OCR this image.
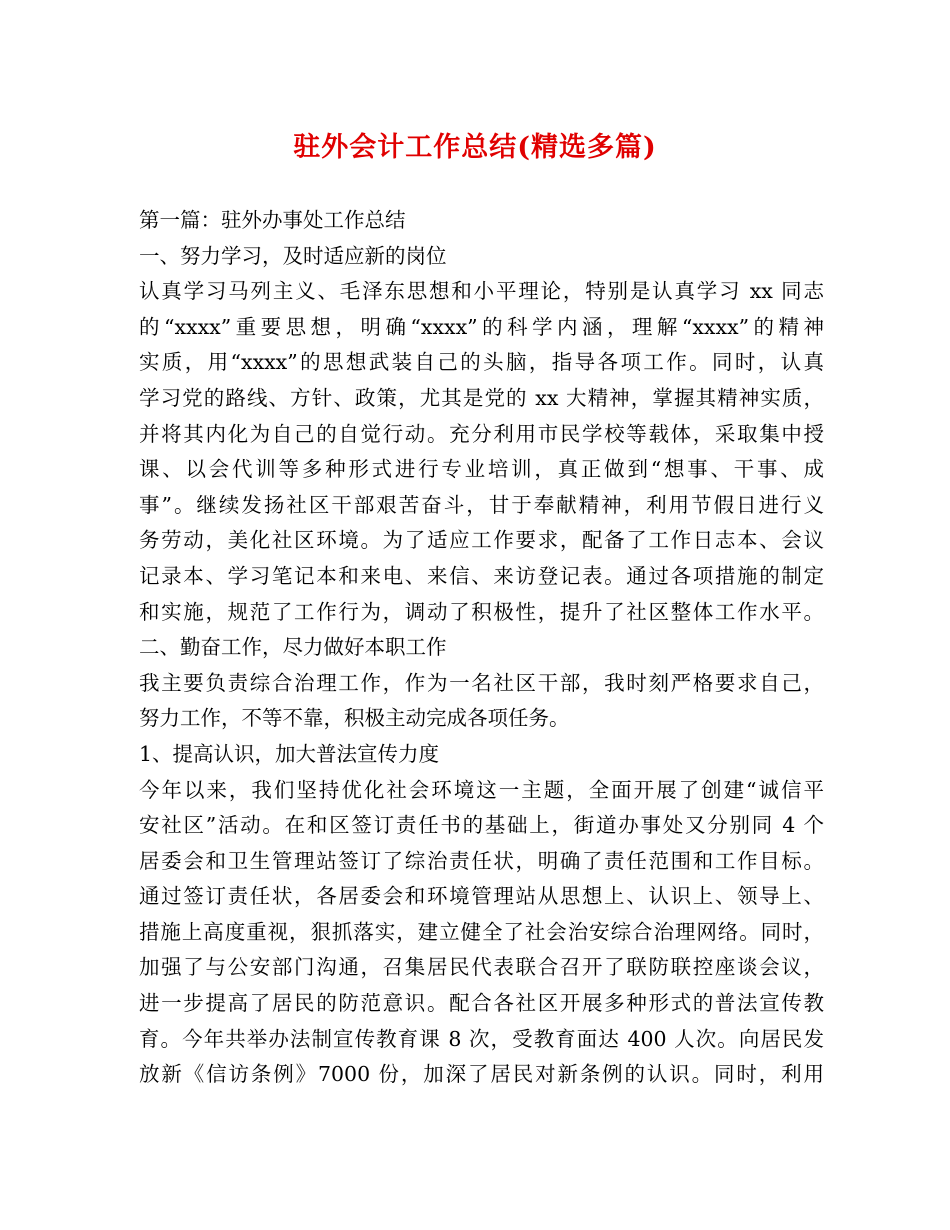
驻外会计工作总结(精选多篇)

第一篇：驻外办事处工作总结

一、努力学习，及时适应新的岗位

认真学习马列主义、毛泽东思想和小平理论，特别是认真学习 xx 同志

的“xxxx”重要思想，明确“xxxx”的科学内涵，理解“xxxx”的精神

实质，用“xxxx”的思想武装自己的头脑，指导各项工作。同时，认真

学习党的路线、方针、政策，尤其是党的 xx 大精神，掌握其精神实质，

并将其内化为自己的自觉行动。充分利用市民学校等载体，采取集中授

课、以会代训等多种形式进行专业培训，真正做到“想事、干事、成

事”。继续发扬社区干部艰苦奋斗，甘于奉献精神，利用节假日进行义

务劳动，美化社区环境。为了适应工作要求，配备了工作日志本、会议

记录本、学习笔记本和来电、来信、来访登记表。通过各项措施的制定

和实施，规范了工作行为，调动了积极性，提升了社区整体工作水平。

二、勤奋工作，尽力做好本职工作

我主要负责综合治理工作，作为一名社区干部，我时刻严格要求自己，

努力工作，不等不靠，积极主动完成各项任务。

1、提高认识，加大普法宣传力度

今年以来，我们坚持优化社会环境这一主题，全面开展了创建“诚信平

安社区”活动。在和区签订责任书的基础上，街道办事处又分别同 4 个

居委会和卫生管理站签订了综治责任状，明确了责任范围和工作目标。

通过签订责任状，各居委会和环境管理站从思想上、认识上、领导上、

措施上高度重视，狠抓落实，建立健全了社会治安综合治理网络。同时，

加强了与公安部门沟通，召集居民代表联合召开了联防联控座谈会议，

进一步提高了居民的防范意识。配合各社区开展多种形式的普法宣传教

育。今年共举办法制宣传教育课 8 次，受教育面达 400 人次。向居民发

放新《信访条例》7000 份，加深了居民对新条例的认识。同时，利用
